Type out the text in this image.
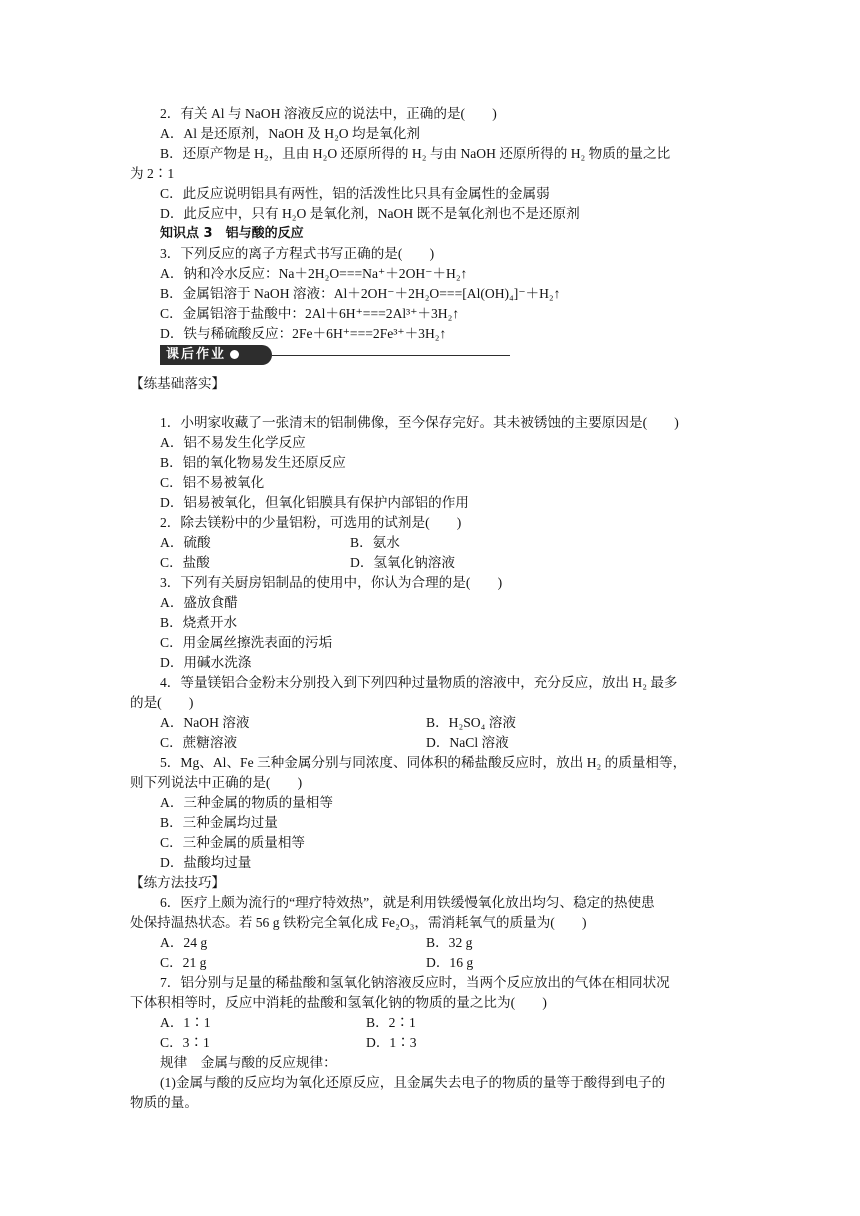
2．有关 Al 与 NaOH 溶液反应的说法中，正确的是(　　)
A．Al 是还原剂，NaOH 及 H₂O 均是氧化剂
B．还原产物是 H₂，且由 H₂O 还原所得的 H₂ 与由 NaOH 还原所得的 H₂ 物质的量之比
为 2∶1
C．此反应说明铝具有两性，铝的活泼性比只具有金属性的金属弱
D．此反应中，只有 H₂O 是氧化剂，NaOH 既不是氧化剂也不是还原剂
知识点 3　铝与酸的反应
3．下列反应的离子方程式书写正确的是(　　)
A．钠和冷水反应：Na＋2H₂O===Na⁺＋2OH⁻＋H₂↑
B．金属铝溶于 NaOH 溶液：Al＋2OH⁻＋2H₂O===[Al(OH)₄]⁻＋H₂↑
C．金属铝溶于盐酸中：2Al＋6H⁺===2Al³⁺＋3H₂↑
D．铁与稀硫酸反应：2Fe＋6H⁺===2Fe³⁺＋3H₂↑
课后作业
【练基础落实】
1．小明家收藏了一张清末的铝制佛像，至今保存完好。其未被锈蚀的主要原因是(　　)
A．铝不易发生化学反应
B．铝的氧化物易发生还原反应
C．铝不易被氧化
D．铝易被氧化，但氧化铝膜具有保护内部铝的作用
2．除去镁粉中的少量铝粉，可选用的试剂是(　　)
A．硫酸	B．氨水
C．盐酸	D．氢氧化钠溶液
3．下列有关厨房铝制品的使用中，你认为合理的是(　　)
A．盛放食醋
B．烧煮开水
C．用金属丝擦洗表面的污垢
D．用碱水洗涤
4．等量镁铝合金粉末分别投入到下列四种过量物质的溶液中，充分反应，放出 H₂ 最多
的是(　　)
A．NaOH 溶液	B．H₂SO₄ 溶液
C．蔗糖溶液	D．NaCl 溶液
5．Mg、Al、Fe 三种金属分别与同浓度、同体积的稀盐酸反应时，放出 H₂ 的质量相等，
则下列说法中正确的是(　　)
A．三种金属的物质的量相等
B．三种金属均过量
C．三种金属的质量相等
D．盐酸均过量
【练方法技巧】
6．医疗上颇为流行的“理疗特效热”，就是利用铁缓慢氧化放出均匀、稳定的热使患
处保持温热状态。若 56 g 铁粉完全氧化成 Fe₂O₃，需消耗氧气的质量为(　　)
A．24 g	B．32 g
C．21 g	D．16 g
7．铝分别与足量的稀盐酸和氢氧化钠溶液反应时，当两个反应放出的气体在相同状况
下体积相等时，反应中消耗的盐酸和氢氧化钠的物质的量之比为(　　)
A．1∶1	B．2∶1
C．3∶1	D．1∶3
规律　金属与酸的反应规律：
(1)金属与酸的反应均为氧化还原反应，且金属失去电子的物质的量等于酸得到电子的
物质的量。
